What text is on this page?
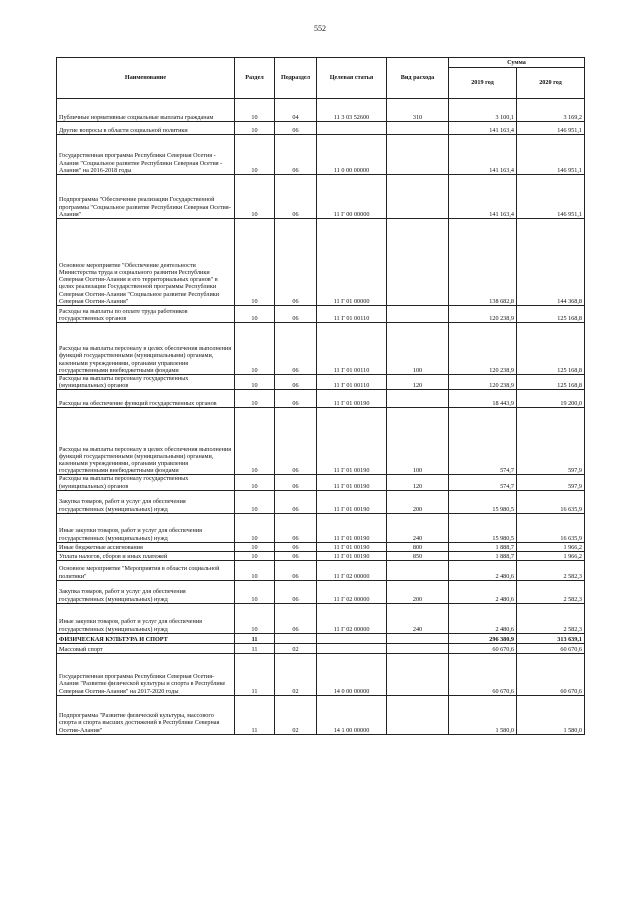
552
Наименование	Раздел	Подраздел	Целевая статья	Вид расхода	Сумма	
					2019 год	2020 год
Публичные нормативные социальные выплаты гражданам	10	04	11 3 03 52600	310	3 100,1	3 169,2
Другие вопросы в области социальной политики	10	06			141 163,4	146 951,1
Государственная программа Республики Северная Осетия - Алания "Социальное развитие Республики Северная Осетия - Алания" на 2016-2018 годы	10	06	11 0 00 00000		141 163,4	146 951,1
Подпрограмма "Обеспечение реализации Государственной программы "Социальное развитие Республики Северная Осетия-Алания"	10	06	11 Г 00 00000		141 163,4	146 951,1
Основное мероприятие "Обеспечение деятельности Министерства труда и социального развития Республики Северная Осетия-Алания и его территориальных органов" в целях реализации Государственной программы Республики Северная Осетия-Алания "Социальное развитие Республики Северная Осетия-Алания"	10	06	11 Г 01 00000		138 682,8	144 368,8
Расходы на выплаты по оплате труда работников государственных органов	10	06	11 Г 01 00110		120 238,9	125 168,8
Расходы на выплаты персоналу в целях обеспечения выполнения функций государственными (муниципальными) органами, казенными учреждениями, органами управления государственными внебюджетными фондами	10	06	11 Г 01 00110	100	120 238,9	125 168,8
Расходы на выплаты персоналу государственных (муниципальных) органов	10	06	11 Г 01 00110	120	120 238,9	125 168,8
Расходы на обеспечение функций государственных органов	10	06	11 Г 01 00190		18 443,9	19 200,0
Расходы на выплаты персоналу в целях обеспечения выполнения функций государственными (муниципальными) органами, казенными учреждениями, органами управления государственными внебюджетными фондами	10	06	11 Г 01 00190	100	574,7	597,9
Расходы на выплаты персоналу государственных (муниципальных) органов	10	06	11 Г 01 00190	120	574,7	597,9
Закупка товаров, работ и услуг для обеспечения государственных (муниципальных) нужд	10	06	11 Г 01 00190	200	15 980,5	16 635,9
Иные закупки товаров, работ и услуг для обеспечения государственных (муниципальных) нужд	10	06	11 Г 01 00190	240	15 980,5	16 635,9
Иные бюджетные ассигнования	10	06	11 Г 01 00190	800	1 888,7	1 966,2
Уплата налогов, сборов и иных платежей	10	06	11 Г 01 00190	850	1 888,7	1 966,2
Основное мероприятие "Мероприятия в области социальной политики"	10	06	11 Г 02 00000		2 480,6	2 582,3
Закупка товаров, работ и услуг для обеспечения государственных (муниципальных) нужд	10	06	11 Г 02 00000	200	2 480,6	2 582,3
Иные закупки товаров, работ и услуг для обеспечения государственных (муниципальных) нужд	10	06	11 Г 02 00000	240	2 480,6	2 582,3
ФИЗИЧЕСКАЯ КУЛЬТУРА И СПОРТ	11				296 380,9	313 639,1
Массовый спорт	11	02			60 670,6	60 670,6
Государственная программа Республики Северная Осетия-Алания "Развитие физической культуры и спорта в Республике Северная Осетия-Алания" на 2017-2020 годы	11	02	14 0 00 00000		60 670,6	60 670,6
Подпрограмма "Развитие физической культуры, массового спорта и спорта высших достижений в Республике Северная Осетия-Алания"	11	02	14 1 00 00000		1 580,0	1 580,0
